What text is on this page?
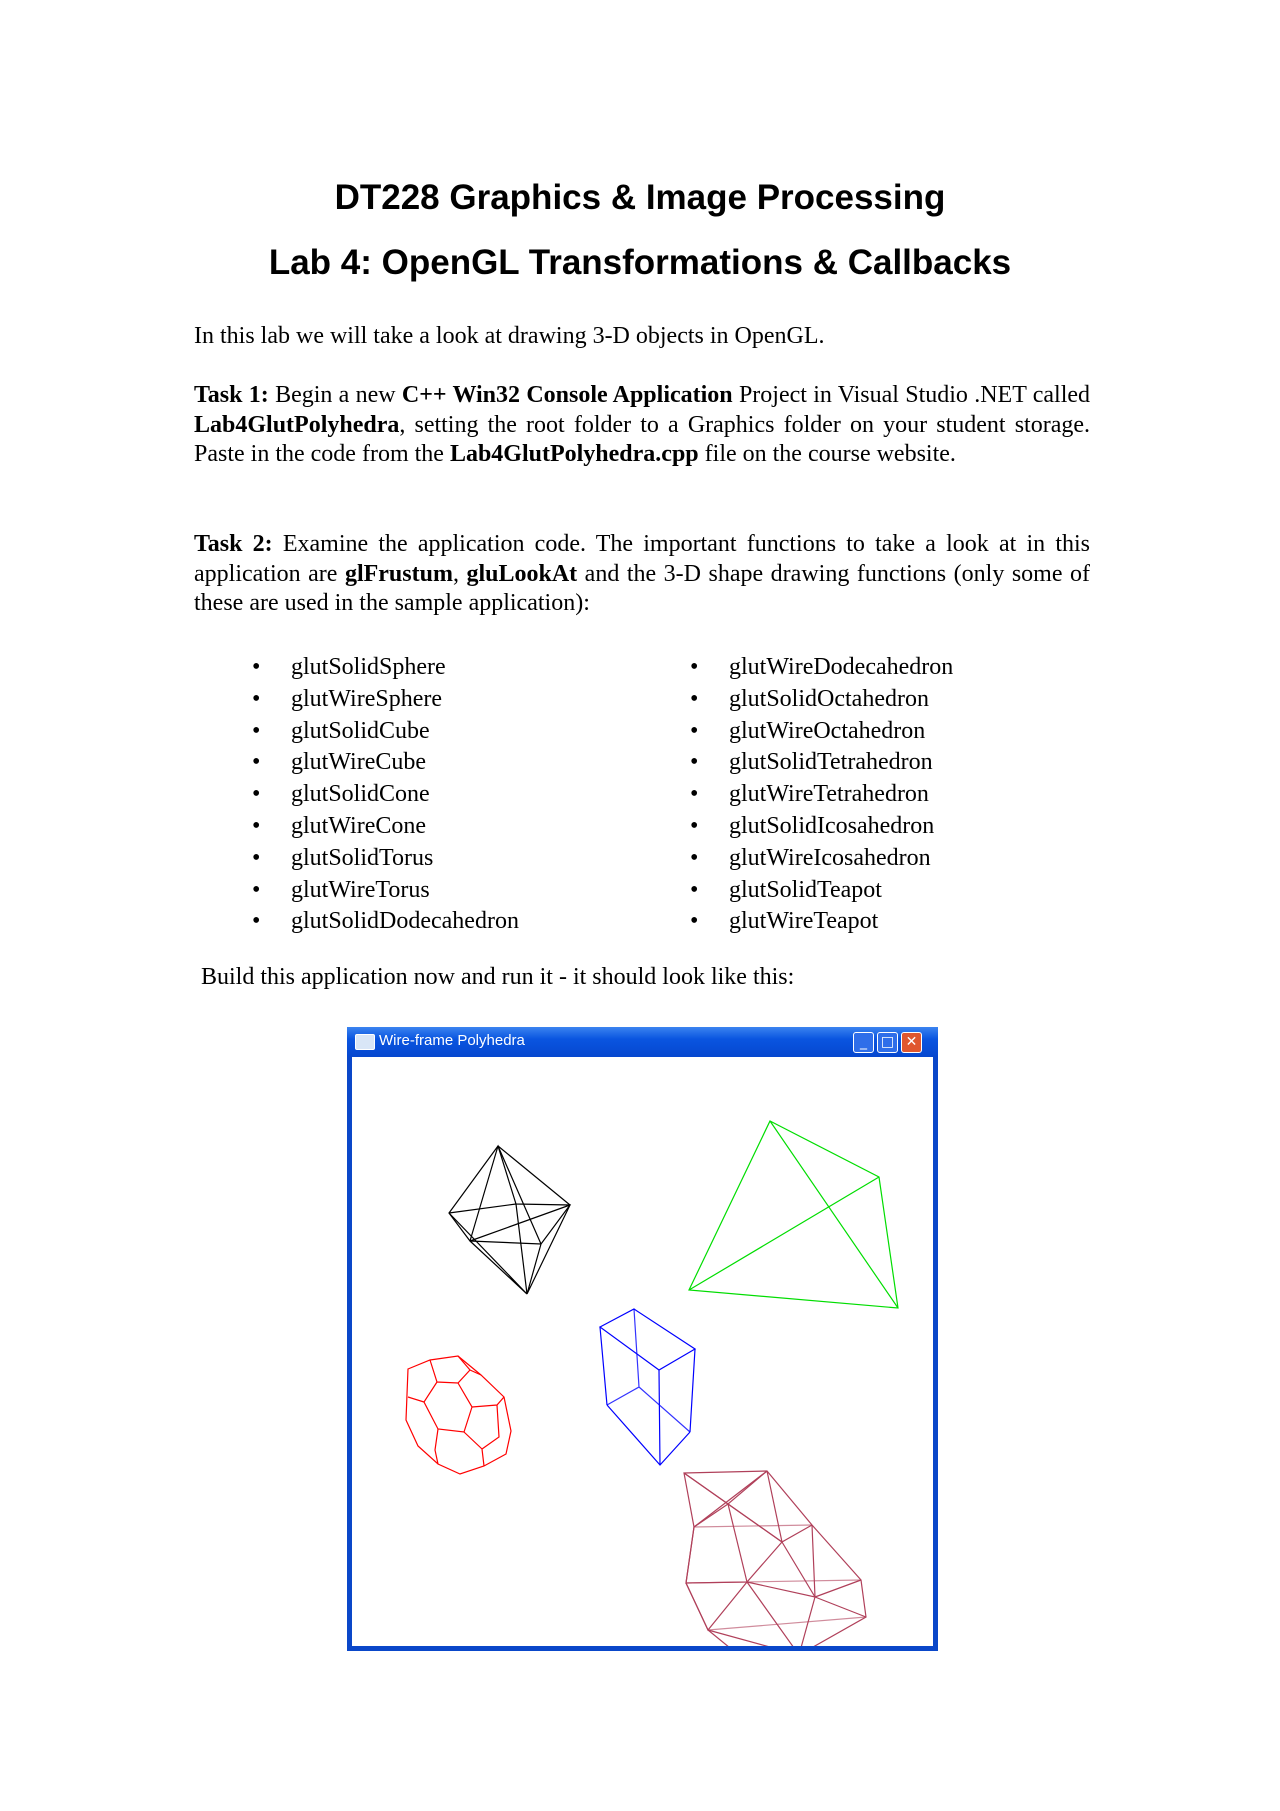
DT228 Graphics & Image Processing
Lab 4: OpenGL Transformations & Callbacks
In this lab we will take a look at drawing 3-D objects in OpenGL.
Task 1: Begin a new C++ Win32 Console Application Project in Visual Studio .NET called Lab4GlutPolyhedra, setting the root folder to a Graphics folder on your student storage. Paste in the code from the Lab4GlutPolyhedra.cpp file on the course website.
Task 2: Examine the application code. The important functions to take a look at in this application are glFrustum, gluLookAt and the 3-D shape drawing functions (only some of these are used in the sample application):
• glutSolidSphere
• glutWireSphere
• glutSolidCube
• glutWireCube
• glutSolidCone
• glutWireCone
• glutSolidTorus
• glutWireTorus
• glutSolidDodecahedron
• glutWireDodecahedron
• glutSolidOctahedron
• glutWireOctahedron
• glutSolidTetrahedron
• glutWireTetrahedron
• glutSolidIcosahedron
• glutWireIcosahedron
• glutSolidTeapot
• glutWireTeapot
Build this application now and run it - it should look like this:
Wire-frame Polyhedra	_ □ ✕
